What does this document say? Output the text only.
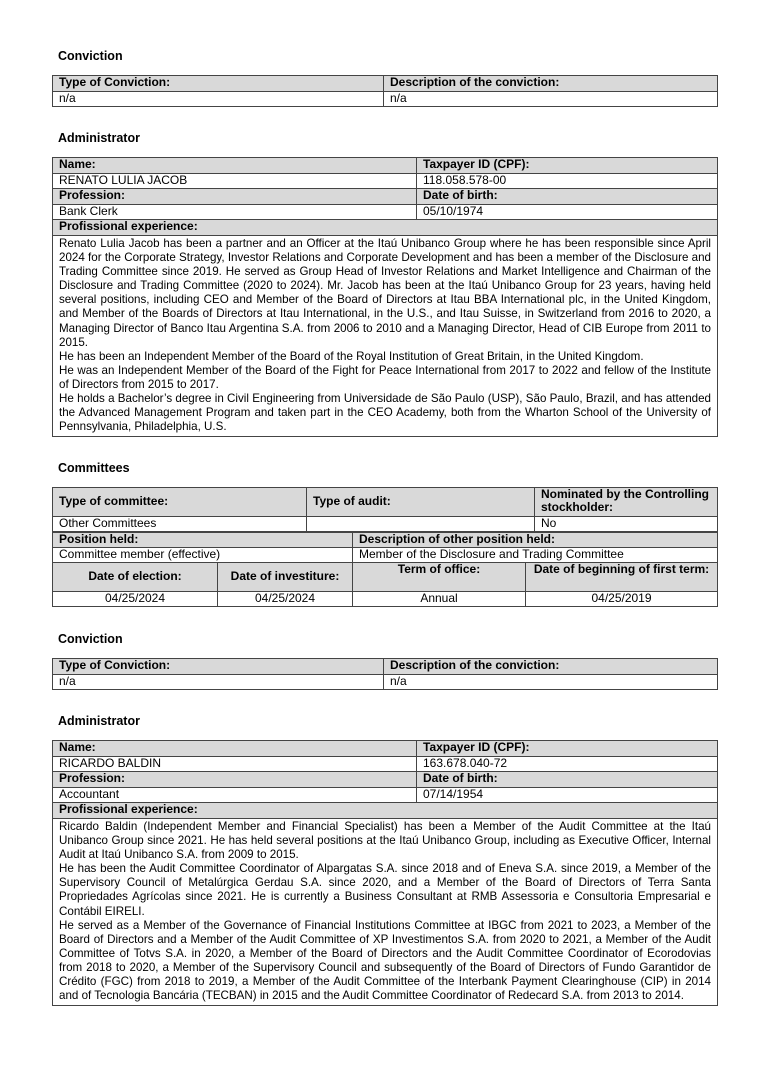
Conviction
Type of Conviction:	Description of the conviction:
n/a	n/a
Administrator
Name:	Taxpayer ID (CPF):
RENATO LULIA JACOB	118.058.578-00
Profession:	Date of birth:
Bank Clerk	05/10/1974
Profissional experience:	

Renato Lulia Jacob has been a partner and an Officer at the Itaú Unibanco Group where he has been responsible since April 2024 for the Corporate Strategy, Investor Relations and Corporate Development and has been a member of the Disclosure and Trading Committee since 2019. He served as Group Head of Investor Relations and Market Intelligence and Chairman of the Disclosure and Trading Committee (2020 to 2024). Mr. Jacob has been at the Itaú Unibanco Group for 23 years, having held several positions, including CEO and Member of the Board of Directors at Itau BBA International plc, in the United Kingdom, and Member of the Boards of Directors at Itau International, in the U.S., and Itau Suisse, in Switzerland from 2016 to 2020, a Managing Director of Banco Itau Argentina S.A. from 2006 to 2010 and a Managing Director, Head of CIB Europe from 2011 to 2015.

He has been an Independent Member of the Board of the Royal Institution of Great Britain, in the United Kingdom.

He was an Independent Member of the Board of the Fight for Peace International from 2017 to 2022 and fellow of the Institute of Directors from 2015 to 2017.

He holds a Bachelor’s degree in Civil Engineering from Universidade de São Paulo (USP), São Paulo, Brazil, and has attended the Advanced Management Program and taken part in the CEO Academy, both from the Wharton School of the University of Pennsylvania, Philadelphia, U.S.	

Committees
Type of committee:	Type of audit:	Nominated by the Controlling stockholder:
Other Committees		No
Position held:		Description of other position held:	
Committee member (effective)		Member of the Disclosure and Trading Committee	
Date of election:	Date of investiture:	Term of office:	Date of beginning of first term:
04/25/2024	04/25/2024	Annual	04/25/2019
Conviction
Type of Conviction:	Description of the conviction:
n/a	n/a
Administrator
Name:	Taxpayer ID (CPF):
RICARDO BALDIN	163.678.040-72
Profession:	Date of birth:
Accountant	07/14/1954
Profissional experience:	

Ricardo Baldin (Independent Member and Financial Specialist) has been a Member of the Audit Committee at the Itaú Unibanco Group since 2021. He has held several positions at the Itaú Unibanco Group, including as Executive Officer, Internal Audit at Itaú Unibanco S.A. from 2009 to 2015.

He has been the Audit Committee Coordinator of Alpargatas S.A. since 2018 and of Eneva S.A. since 2019, a Member of the Supervisory Council of Metalúrgica Gerdau S.A. since 2020, and a Member of the Board of Directors of Terra Santa Propriedades Agrícolas since 2021. He is currently a Business Consultant at RMB Assessoria e Consultoria Empresarial e Contábil EIRELI.

He served as a Member of the Governance of Financial Institutions Committee at IBGC from 2021 to 2023, a Member of the Board of Directors and a Member of the Audit Committee of XP Investimentos S.A. from 2020 to 2021, a Member of the Audit Committee of Totvs S.A. in 2020, a Member of the Board of Directors and the Audit Committee Coordinator of Ecorodovias from 2018 to 2020, a Member of the Supervisory Council and subsequently of the Board of Directors of Fundo Garantidor de Crédito (FGC) from 2018 to 2019, a Member of the Audit Committee of the Interbank Payment Clearinghouse (CIP) in 2014 and of Tecnologia Bancária (TECBAN) in 2015 and the Audit Committee Coordinator of Redecard S.A. from 2013 to 2014.	
